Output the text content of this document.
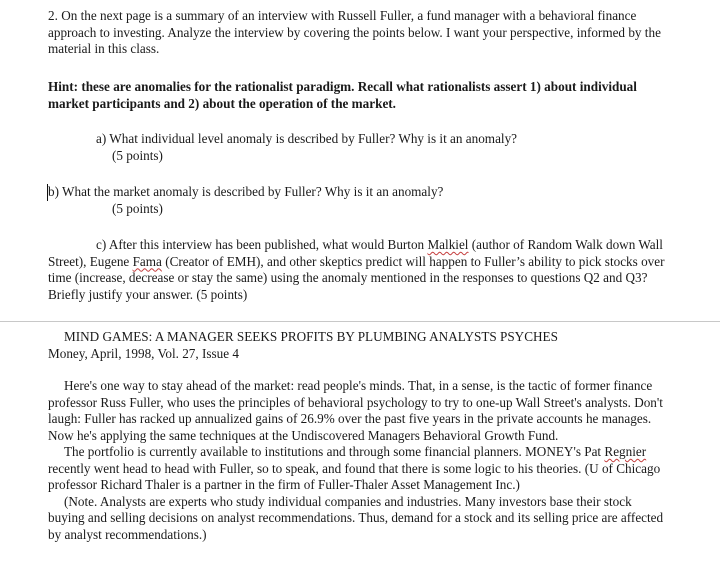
2. On the next page is a summary of an interview with Russell Fuller, a fund manager with a behavioral finance approach to investing. Analyze the interview by covering the points below. I want your perspective, informed by the material in this class.

Hint: these are anomalies for the rationalist paradigm. Recall what rationalists assert 1) about individual market participants and 2) about the operation of the market.

a) What individual level anomaly is described by Fuller? Why is it an anomaly?

(5 points)

b) What the market anomaly is described by Fuller? Why is it an anomaly?

(5 points)

c) After this interview has been published, what would Burton Malkiel (author of Random Walk down Wall Street), Eugene Fama (Creator of EMH), and other skeptics predict will happen to Fuller’s ability to pick stocks over time (increase, decrease or stay the same) using the anomaly mentioned in the responses to questions Q2 and Q3? Briefly justify your answer. (5 points)

MIND GAMES: A MANAGER SEEKS PROFITS BY PLUMBING ANALYSTS PSYCHES

Money, April, 1998, Vol. 27, Issue 4

Here's one way to stay ahead of the market: read people's minds. That, in a sense, is the tactic of former finance professor Russ Fuller, who uses the principles of behavioral psychology to try to one-up Wall Street's analysts. Don't laugh: Fuller has racked up annualized gains of 26.9% over the past five years in the private accounts he manages. Now he's applying the same techniques at the Undiscovered Managers Behavioral Growth Fund.

The portfolio is currently available to institutions and through some financial planners. MONEY's Pat Regnier recently went head to head with Fuller, so to speak, and found that there is some logic to his theories. (U of Chicago professor Richard Thaler is a partner in the firm of Fuller-Thaler Asset Management Inc.)

(Note. Analysts are experts who study individual companies and industries. Many investors base their stock buying and selling decisions on analyst recommendations. Thus, demand for a stock and its selling price are affected by analyst recommendations.)
